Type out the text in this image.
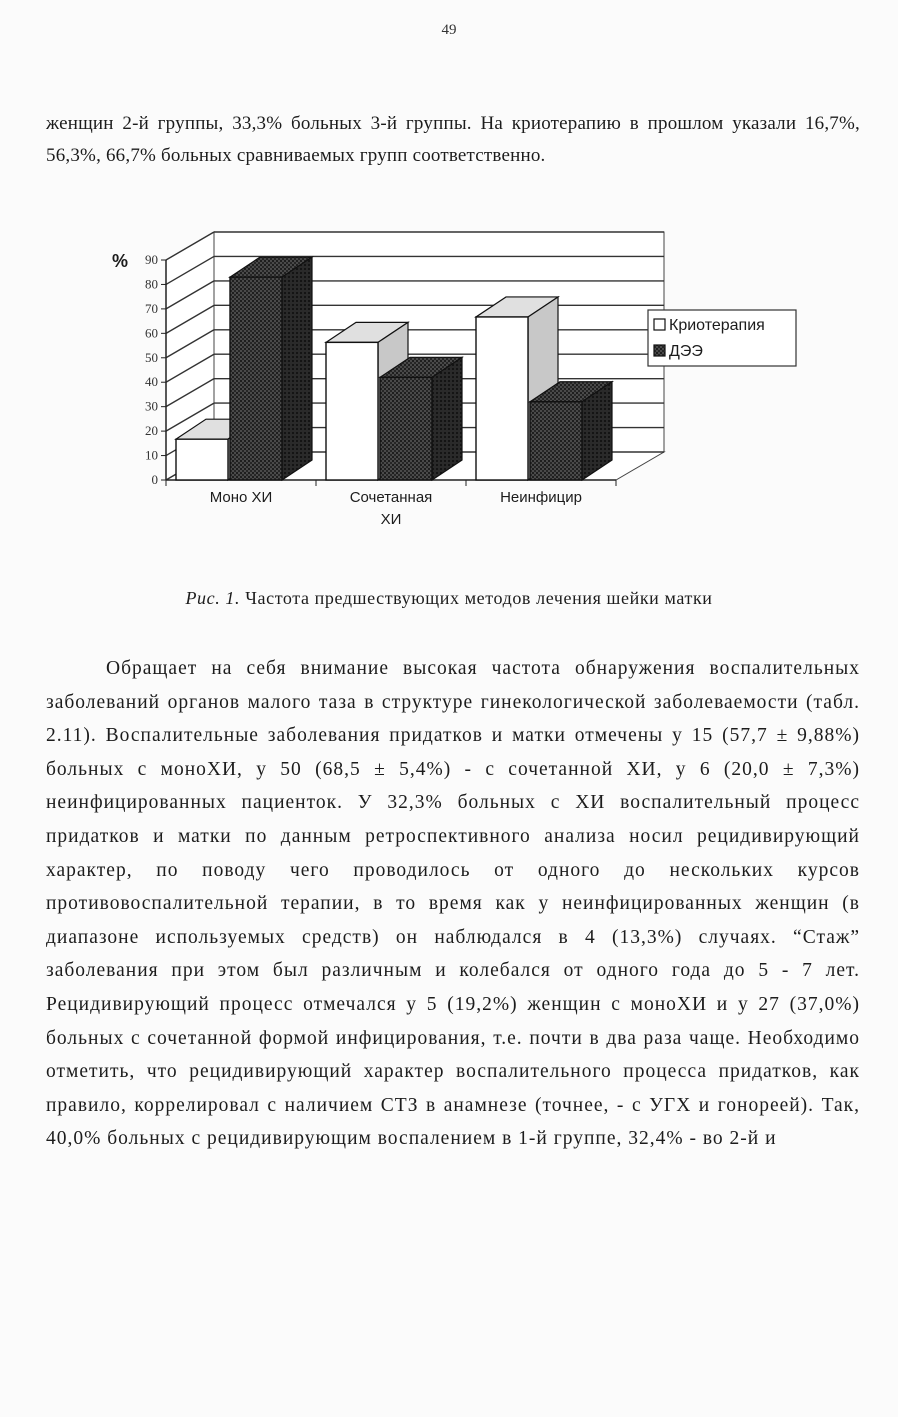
49

женщин 2-й группы, 33,3% больных 3-й группы. На криотерапию в прошлом указали 16,7%, 56,3%, 66,7% больных сравниваемых групп соответственно.

0
10
20
30
40
50
60
70
80
90
%
Моно ХИ	Сочетанная
ХИ
Неинфицир
Криотерапия
ДЭЭ
Рис. 1. Частота предшествующих методов лечения шейки матки

Обращает на себя внимание высокая частота обнаружения воспалительных заболеваний органов малого таза в структуре гинекологической заболеваемости (табл. 2.11). Воспалительные заболевания придатков и матки отмечены у 15 (57,7 ± 9,88%) больных с моноХИ, у 50 (68,5 ± 5,4%) - с сочетанной ХИ, у 6 (20,0 ± 7,3%) неинфицированных пациенток. У 32,3% больных с ХИ воспалительный процесс придатков и матки по данным ретроспективного анализа носил рецидивирующий характер, по поводу чего проводилось от одного до нескольких курсов противовоспалительной терапии, в то время как у неинфицированных женщин (в диапазоне используемых средств) он наблюдался в 4 (13,3%) случаях. “Стаж” заболевания при этом был различным и колебался от одного года до 5 - 7 лет. Рецидивирующий процесс отмечался у 5 (19,2%) женщин с моноХИ и у 27 (37,0%) больных с сочетанной формой инфицирования, т.е. почти в два раза чаще. Необходимо отметить, что рецидивирующий характер воспалительного процесса придатков, как правило, коррелировал с наличием СТЗ в анамнезе (точнее, - с УГХ и гонореей). Так, 40,0% больных с рецидивирующим воспалением в 1-й группе, 32,4% - во 2-й и
